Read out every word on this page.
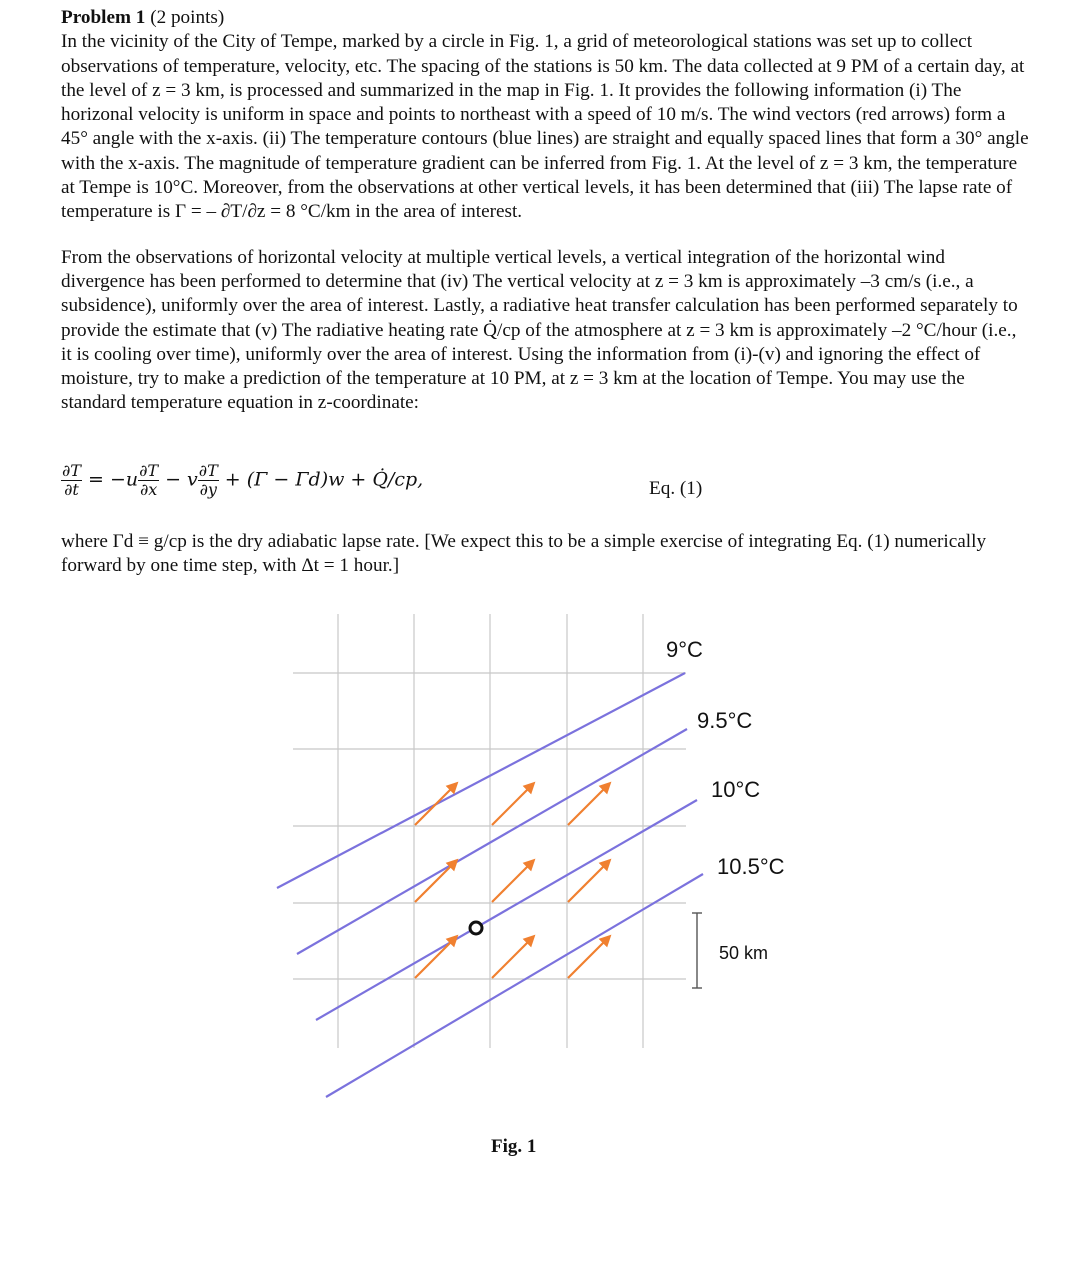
Problem 1 (2 points)

In the vicinity of the City of Tempe, marked by a circle in Fig. 1, a grid of meteorological stations was set up to collect observations of temperature, velocity, etc. The spacing of the stations is 50 km. The data collected at 9 PM of a certain day, at the level of z = 3 km, is processed and summarized in the map in Fig. 1. It provides the following information (i) The horizonal velocity is uniform in space and points to northeast with a speed of 10 m/s. The wind vectors (red arrows) form a 45° angle with the x-axis. (ii) The temperature contours (blue lines) are straight and equally spaced lines that form a 30° angle with the x-axis. The magnitude of temperature gradient can be inferred from Fig. 1. At the level of z = 3 km, the temperature at Tempe is 10°C. Moreover, from the observations at other vertical levels, it has been determined that (iii) The lapse rate of temperature is Γ = – ∂T/∂z = 8 °C/km in the area of interest.

From the observations of horizontal velocity at multiple vertical levels, a vertical integration of the horizontal wind divergence has been performed to determine that (iv) The vertical velocity at z = 3 km is approximately –3 cm/s (i.e., a subsidence), uniformly over the area of interest. Lastly, a radiative heat transfer calculation has been performed separately to provide the estimate that (v) The radiative heating rate Q̇/cp of the atmosphere at z = 3 km is approximately –2 °C/hour (i.e., it is cooling over time), uniformly over the area of interest. Using the information from (i)-(v) and ignoring the effect of moisture, try to make a prediction of the temperature at 10 PM, at z = 3 km at the location of Tempe. You may use the standard temperature equation in z-coordinate:

$\frac{\partial T}{\partial t} = -u \frac{\partial T}{\partial x} - v \frac{\partial T}{\partial y} + (\Gamma - \Gamma d)w$ + Q̇/cp,	Eq. (1)
where Γd ≡ g/cp is the dry adiabatic lapse rate. [We expect this to be a simple exercise of integrating Eq. (1) numerically forward by one time step, with Δt = 1 hour.]
9°C
9.5°C
10°C
10.5°C
50 km
Fig. 1
